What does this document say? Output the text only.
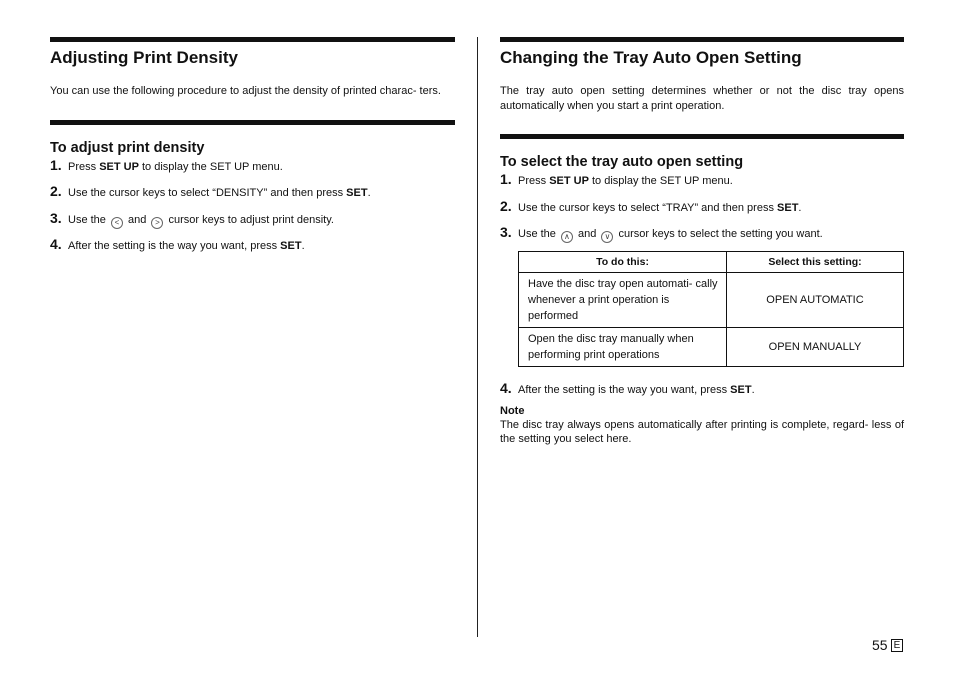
Adjusting Print Density

You can use the following procedure to adjust the density of printed charac- ters.

To adjust print density
1. Press SET UP to display the SET UP menu.
2. Use the cursor keys to select “DENSITY” and then press SET.
3. Use the < and > cursor keys to adjust print density.
4. After the setting is the way you want, press SET.
Changing the Tray Auto Open Setting

The tray auto open setting determines whether or not the disc tray opens automatically when you start a print operation.

To select the tray auto open setting
1. Press SET UP to display the SET UP menu.
2. Use the cursor keys to select “TRAY” and then press SET.
3. Use the ∧ and ∨ cursor keys to select the setting you want.
To do this:	Select this setting:
Have the disc tray open automati- cally whenever a print operation is performed	OPEN AUTOMATIC
Open the disc tray manually when performing print operations	OPEN MANUALLY
4. After the setting is the way you want, press SET.
Note
The disc tray always opens automatically after printing is complete, regard- less of the setting you select here.
55 E
